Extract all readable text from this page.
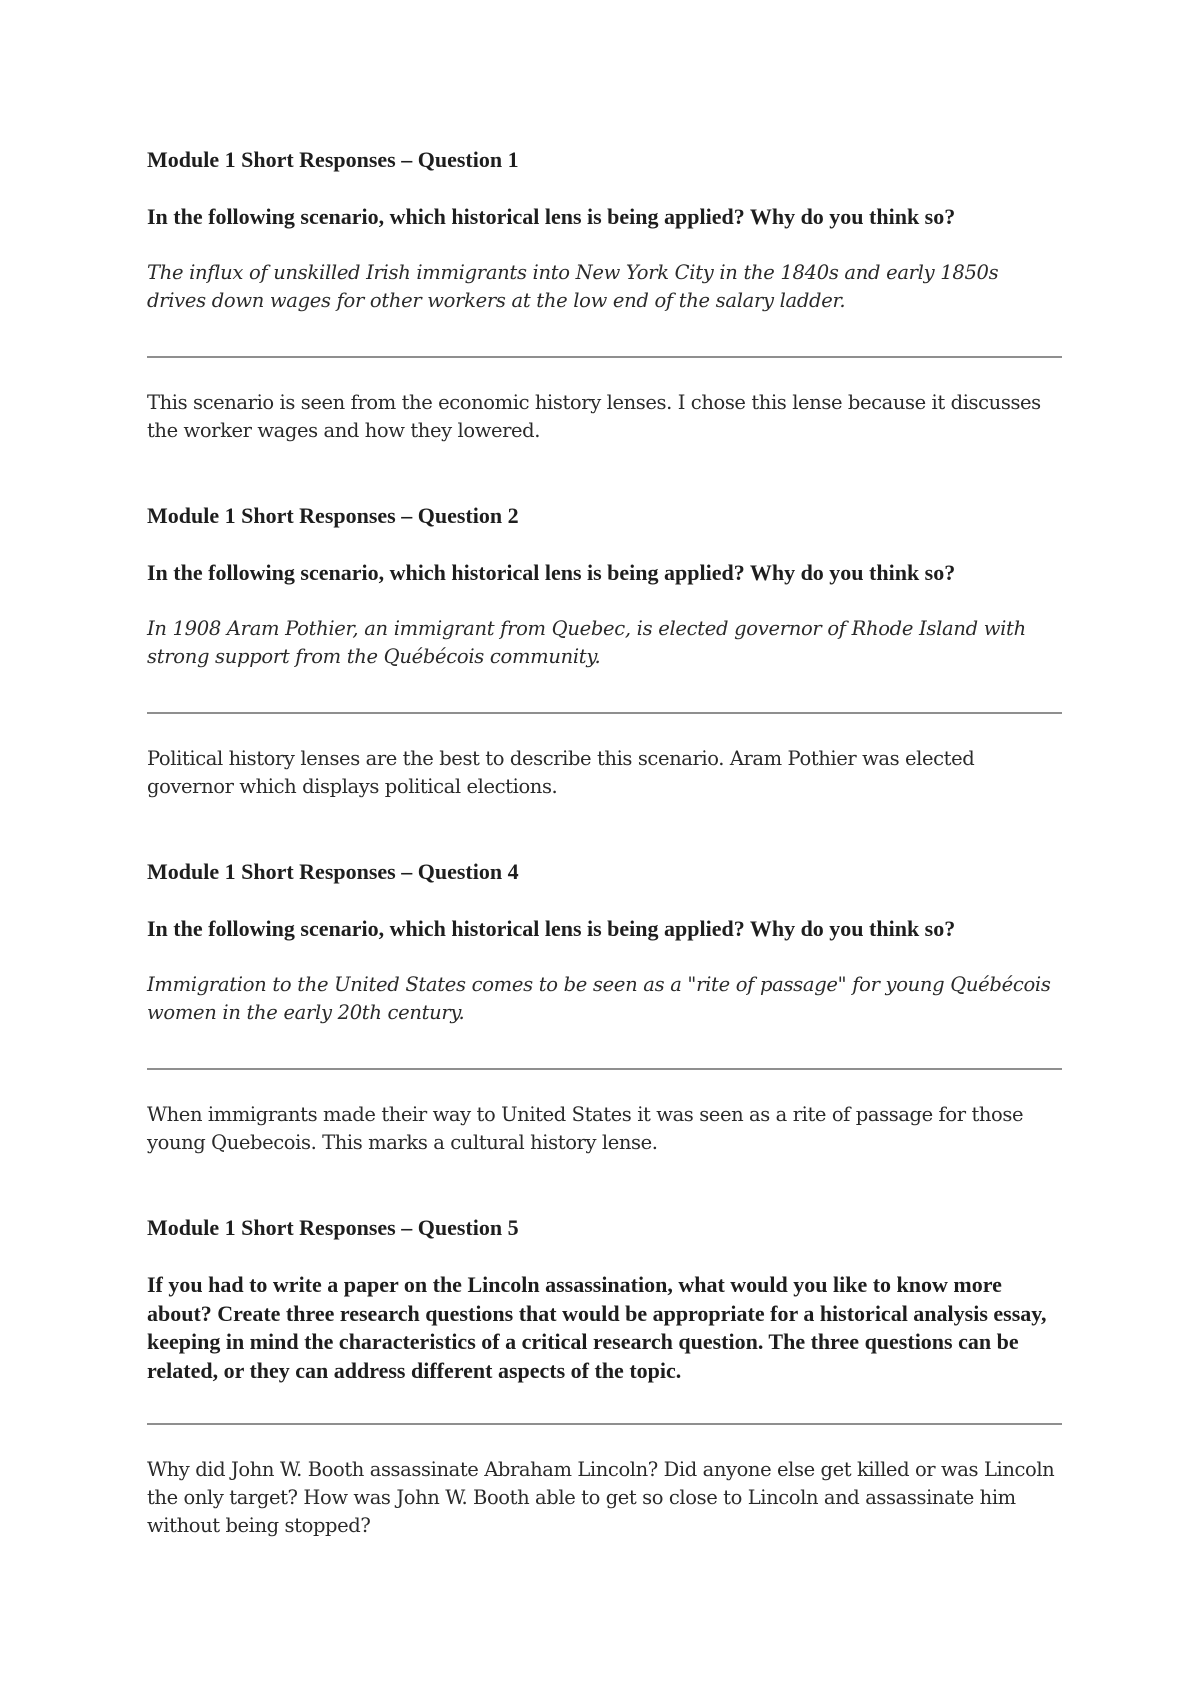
Module 1 Short Responses – Question 1
In the following scenario, which historical lens is being applied? Why do you think so?
The influx of unskilled Irish immigrants into New York City in the 1840s and early 1850s drives down wages for other workers at the low end of the salary ladder.
This scenario is seen from the economic history lenses. I chose this lense because it discusses the worker wages and how they lowered.
Module 1 Short Responses – Question 2
In the following scenario, which historical lens is being applied? Why do you think so?
In 1908 Aram Pothier, an immigrant from Quebec, is elected governor of Rhode Island with strong support from the Québécois community.
Political history lenses are the best to describe this scenario. Aram Pothier was elected governor which displays political elections.
Module 1 Short Responses – Question 4
In the following scenario, which historical lens is being applied? Why do you think so?
Immigration to the United States comes to be seen as a "rite of passage" for young Québécois women in the early 20th century.
When immigrants made their way to United States it was seen as a rite of passage for those young Quebecois. This marks a cultural history lense.
Module 1 Short Responses – Question 5
If you had to write a paper on the Lincoln assassination, what would you like to know more about? Create three research questions that would be appropriate for a historical analysis essay, keeping in mind the characteristics of a critical research question. The three questions can be related, or they can address different aspects of the topic.
Why did John W. Booth assassinate Abraham Lincoln? Did anyone else get killed or was Lincoln the only target? How was John W. Booth able to get so close to Lincoln and assassinate him without being stopped?
